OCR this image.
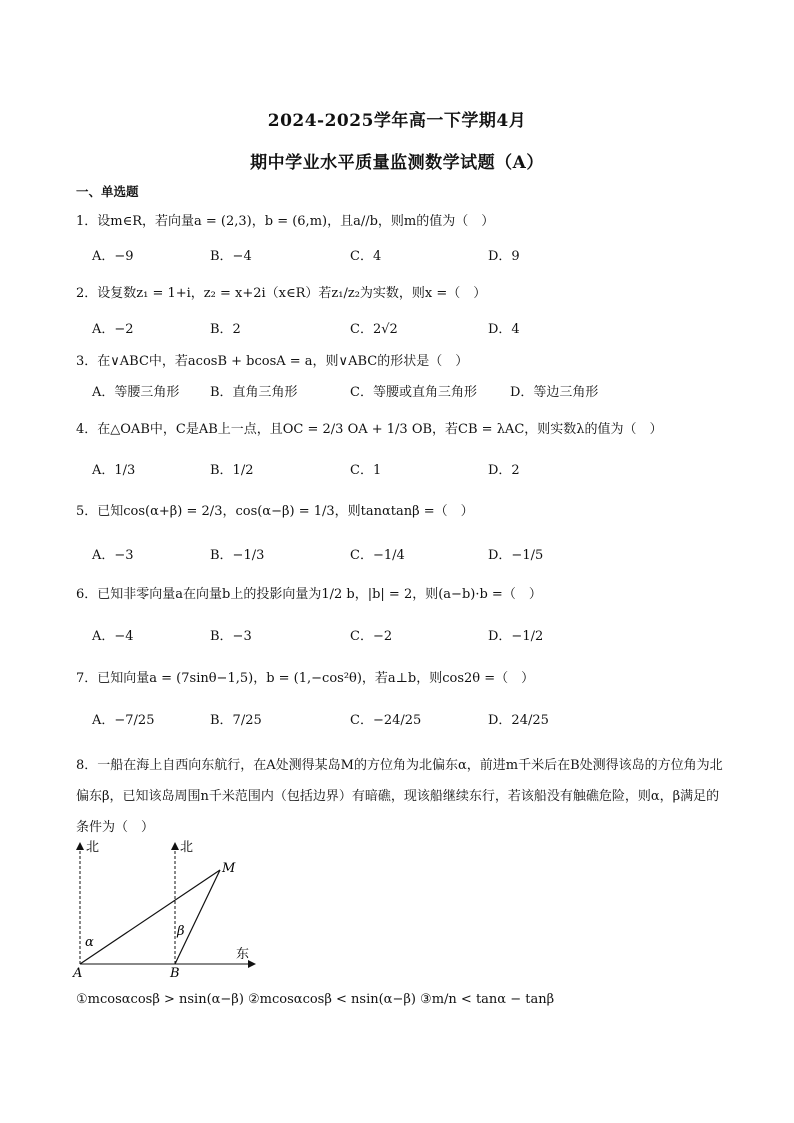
2024-2025学年高一下学期4月
期中学业水平质量监测数学试题（A）
一、单选题
1．设m∈R，若向量a = (2,3)，b = (6,m)，且a//b，则m的值为（　）
A．−9	B．−4	C．4	D．9
2．设复数z₁ = 1+i，z₂ = x+2i（x∈R）若z₁/z₂为实数，则x =（　）
A．−2	B．2	C．2√2	D．4
3．在∨ABC中，若acosB + bcosA = a，则∨ABC的形状是（　）
A．等腰三角形 B．直角三角形	C．等腰或直角三角形	D．等边三角形
4．在△OAB中，C是AB上一点，且OC = 2/3 OA + 1/3 OB，若CB = λAC，则实数λ的值为（　）
A．1/3	B．1/2	C．1	D．2
5．已知cos(α+β) = 2/3，cos(α−β) = 1/3，则tanαtanβ =（　）
A．−3	B．−1/3	C．−1/4	D．−1/5
6．已知非零向量a在向量b上的投影向量为1/2 b，|b| = 2，则(a−b)·b =（　）
A．−4	B．−3	C．−2	D．−1/2
7．已知向量a = (7sinθ−1,5)，b = (1,−cos²θ)，若a⊥b，则cos2θ =（　）
A．−7/25	B．7/25	C．−24/25	D．24/25
8．一船在海上自西向东航行，在A处测得某岛M的方位角为北偏东α，前进m千米后在B处测得该岛的方位角为北偏东β，已知该岛周围n千米范围内（包括边界）有暗礁，现该船继续东行，若该船没有触礁危险，则α，β满足的条件为（　）
北	北
东
A	B
M
α
β
①mcosαcosβ > nsin(α−β) ②mcosαcosβ < nsin(α−β) ③m/n < tanα − tanβ
